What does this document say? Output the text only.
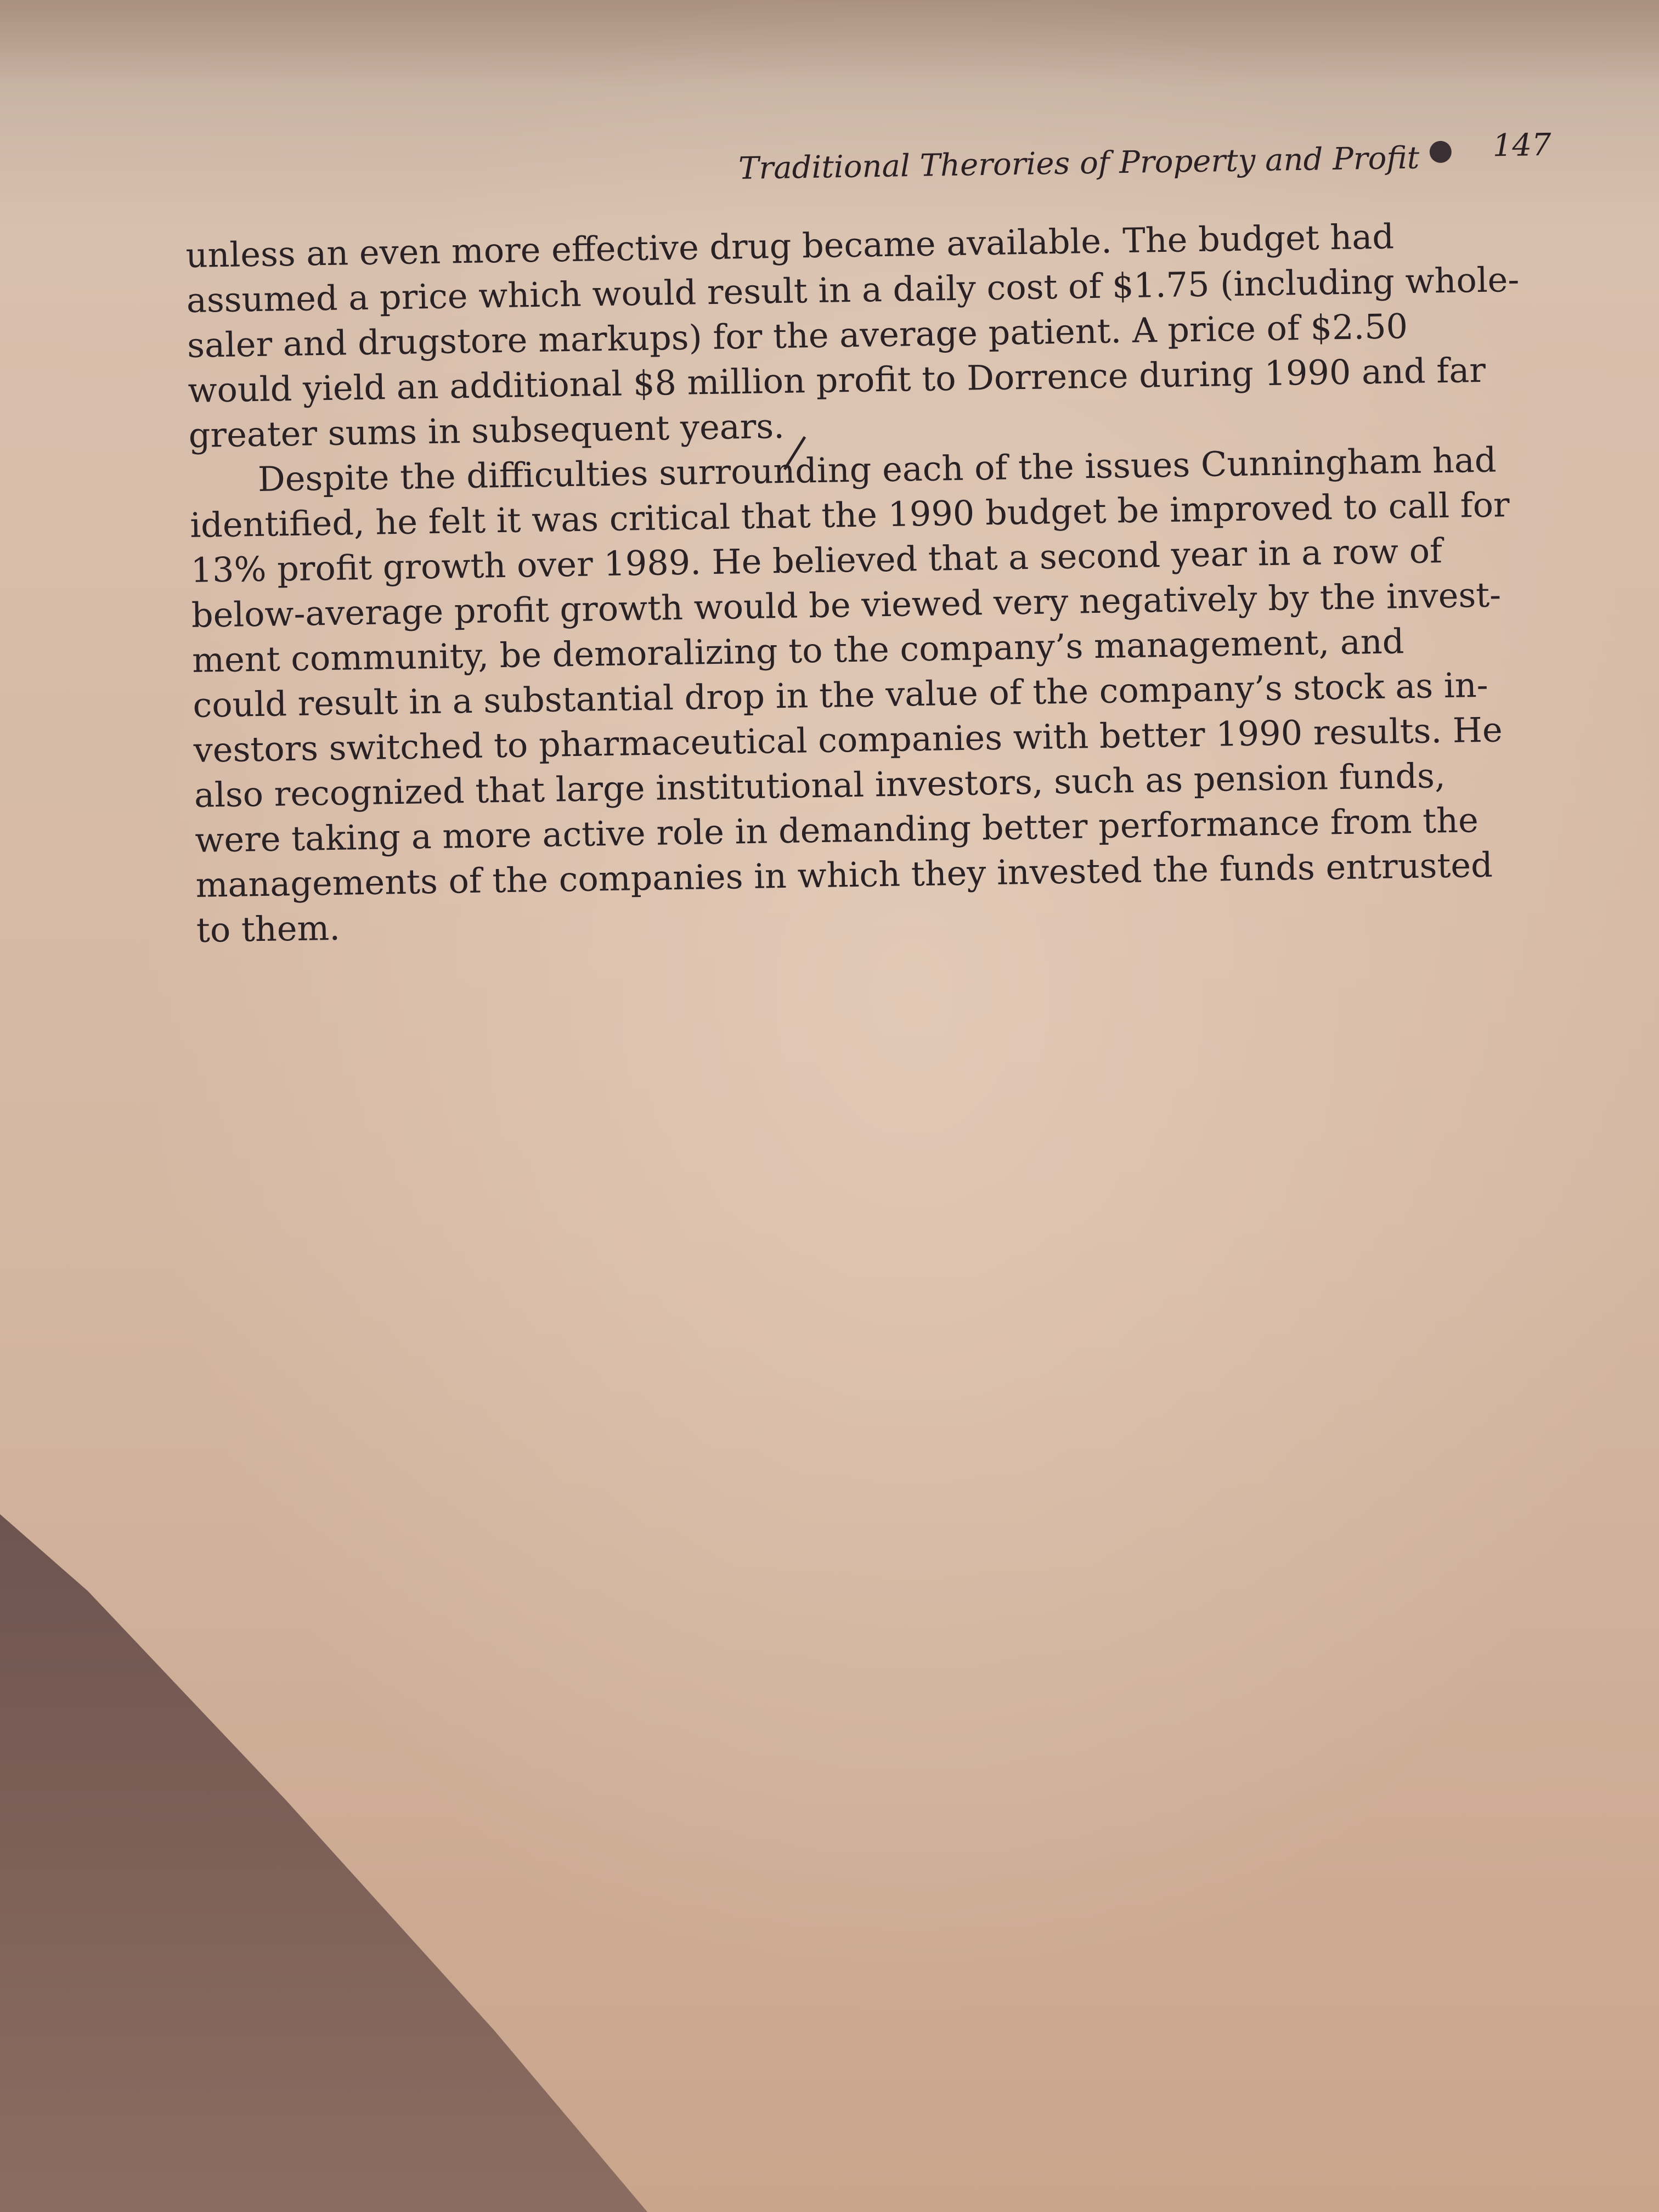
Traditional Therories of Property and Profit 147
unless an even more effective drug became available. The budget had
assumed a price which would result in a daily cost of $1.75 (including whole-
saler and drugstore markups) for the average patient. A price of $2.50
would yield an additional $8 million profit to Dorrence during 1990 and far
greater sums in subsequent years.
Despite the difficulties surrounding each of the issues Cunningham had
identified, he felt it was critical that the 1990 budget be improved to call for
13% profit growth over 1989. He believed that a second year in a row of
below-average profit growth would be viewed very negatively by the invest-
ment community, be demoralizing to the company’s management, and
could result in a substantial drop in the value of the company’s stock as in-
vestors switched to pharmaceutical companies with better 1990 results. He
also recognized that large institutional investors, such as pension funds,
were taking a more active role in demanding better performance from the
managements of the companies in which they invested the funds entrusted
to them.
